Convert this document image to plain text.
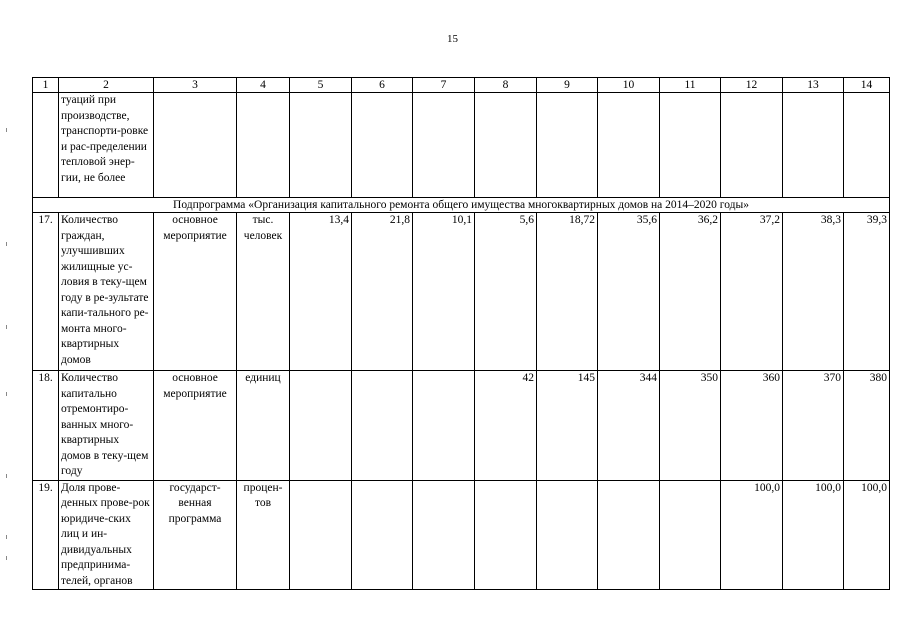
15
1	2	3	4	5	6	7	8	9	10	11	12	13	14
	туаций при производстве, транспорти-ровке и рас-пределении тепловой энер-гии, не более												
Подпрограмма «Организация капитального ремонта общего имущества многоквартирных домов на 2014–2020 годы»													
17.	Количество граждан, улучшивших жилищные ус-ловия в теку-щем году в ре-зультате капи-тального ре-монта много-квартирных домов	основное мероприятие	тыс. человек	13,4	21,8	10,1	5,6	18,72	35,6	36,2	37,2	38,3	39,3
18.	Количество капитально отремонтиро-ванных много-квартирных домов в теку-щем году	основное мероприятие	единиц				42	145	344	350	360	370	380
19.	Доля прове-денных прове-рок юридиче-ских лиц и ин-дивидуальных предпринима-телей, органов	государст-венная программа	процен-тов								100,0	100,0	100,0
